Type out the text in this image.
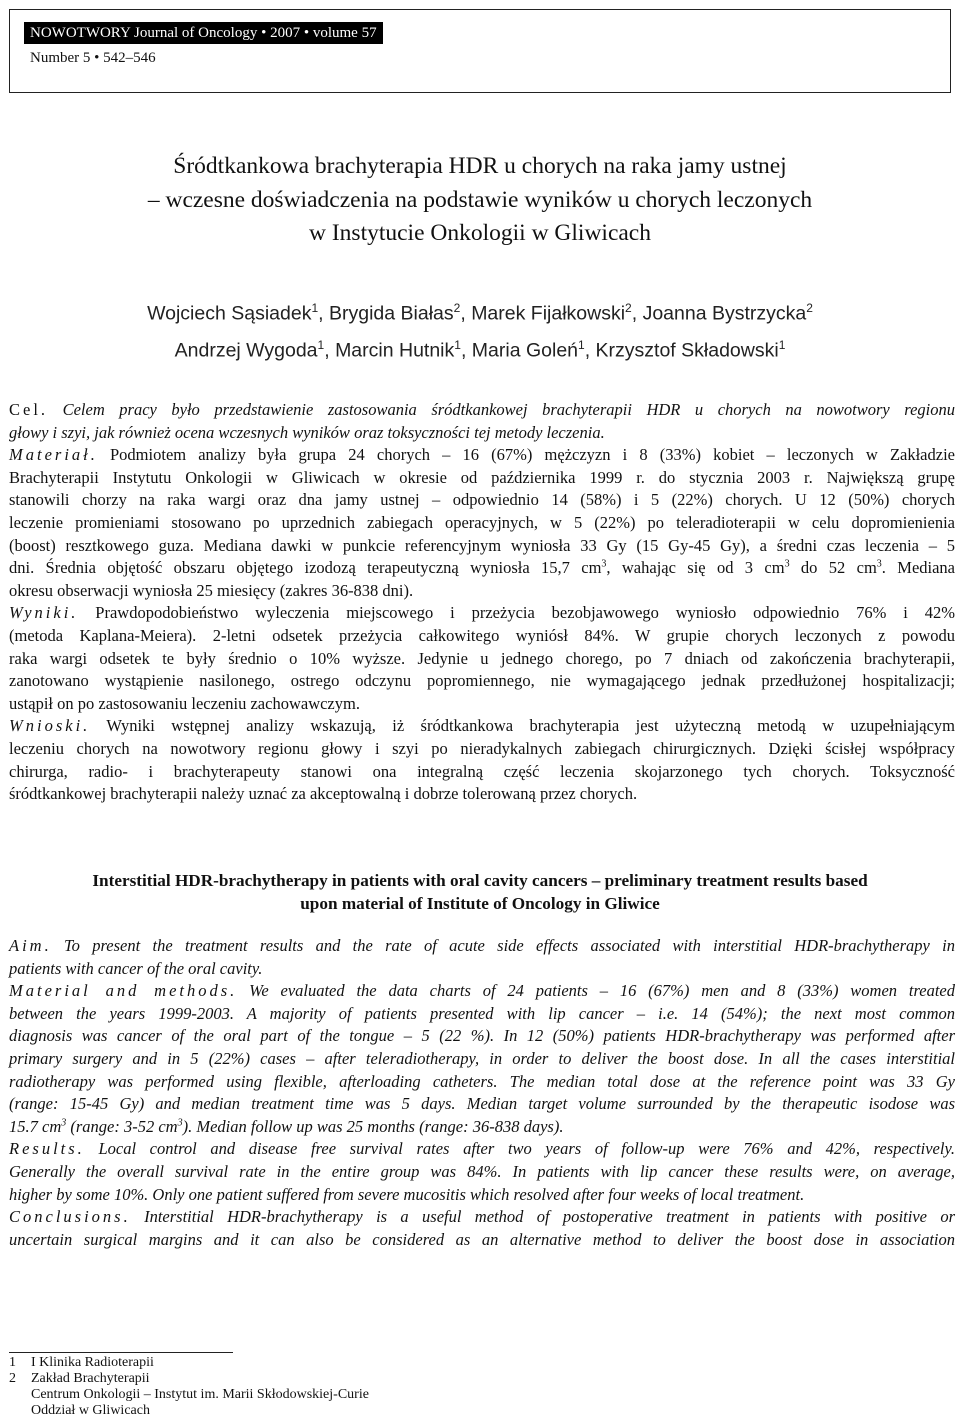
NOWOTWORY Journal of Oncology • 2007 • volume 57
Number 5 • 542–546
Śródtkankowa brachyterapia HDR u chorych na raka jamy ustnej
– wczesne doświadczenia na podstawie wyników u chorych leczonych
w Instytucie Onkologii w Gliwicach
Wojciech Sąsiadek$^1$, Brygida Białas$^2$, Marek Fijałkowski$^2$, Joanna Bystrzycka$^2$
Andrzej Wygoda$^1$, Marcin Hutnik$^1$, Maria Goleń$^1$, Krzysztof Składowski$^1$
Cel. Celem pracy było przedstawienie zastosowania śródtkankowej brachyterapii HDR u chorych na nowotwory regionu
głowy i szyi, jak również ocena wczesnych wyników oraz toksyczności tej metody leczenia.
Materiał. Podmiotem analizy była grupa 24 chorych – 16 (67%) mężczyzn i 8 (33%) kobiet – leczonych w Zakładzie
Brachyterapii Instytutu Onkologii w Gliwicach w okresie od października 1999 r. do stycznia 2003 r. Największą grupę
stanowili chorzy na raka wargi oraz dna jamy ustnej – odpowiednio 14 (58%) i 5 (22%) chorych. U 12 (50%) chorych
leczenie promieniami stosowano po uprzednich zabiegach operacyjnych, w 5 (22%) po teleradioterapii w celu dopromienienia
(boost) resztkowego guza. Mediana dawki w punkcie referencyjnym wyniosła 33 Gy (15 Gy-45 Gy), a średni czas leczenia – 5
dni. Średnia objętość obszaru objętego izodozą terapeutyczną wyniosła 15,7 $cm^3$, wahając się od 3 $cm^3$ do 52 $cm^3$. Mediana
okresu obserwacji wyniosła 25 miesięcy (zakres 36-838 dni).
Wyniki. Prawdopodobieństwo wyleczenia miejscowego i przeżycia bezobjawowego wyniosło odpowiednio 76% i 42%
(metoda Kaplana-Meiera). 2-letni odsetek przeżycia całkowitego wyniósł 84%. W grupie chorych leczonych z powodu
raka wargi odsetek te były średnio o 10% wyższe. Jedynie u jednego chorego, po 7 dniach od zakończenia brachyterapii,
zanotowano wystąpienie nasilonego, ostrego odczynu popromiennego, nie wymagającego jednak przedłużonej hospitalizacji;
ustąpił on po zastosowaniu leczeniu zachowawczym.
Wnioski. Wyniki wstępnej analizy wskazują, iż śródtkankowa brachyterapia jest użyteczną metodą w uzupełniającym
leczeniu chorych na nowotwory regionu głowy i szyi po nieradykalnych zabiegach chirurgicznych. Dzięki ścisłej współpracy
chirurga, radio- i brachyterapeuty stanowi ona integralną część leczenia skojarzonego tych chorych. Toksyczność
śródtkankowej brachyterapii należy uznać za akceptowalną i dobrze tolerowaną przez chorych.
Interstitial HDR-brachytherapy in patients with oral cavity cancers – preliminary treatment results based
upon material of Institute of Oncology in Gliwice
Aim. To present the treatment results and the rate of acute side effects associated with interstitial HDR-brachytherapy in
patients with cancer of the oral cavity.
Material and methods. We evaluated the data charts of 24 patients – 16 (67%) men and 8 (33%) women treated
between the years 1999-2003. A majority of patients presented with lip cancer – i.e. 14 (54%); the next most common
diagnosis was cancer of the oral part of the tongue – 5 (22 %). In 12 (50%) patients HDR-brachytherapy was performed after
primary surgery and in 5 (22%) cases – after teleradiotherapy, in order to deliver the boost dose. In all the cases interstitial
radiotherapy was performed using flexible, afterloading catheters. The median total dose at the reference point was 33 Gy
(range: 15-45 Gy) and median treatment time was 5 days. Median target volume surrounded by the therapeutic isodose was
15.7 $cm^3$ (range: 3-52 $cm^3$). Median follow up was 25 months (range: 36-838 days).
Results. Local control and disease free survival rates after two years of follow-up were 76% and 42%, respectively.
Generally the overall survival rate in the entire group was 84%. In patients with lip cancer these results were, on average,
higher by some 10%. Only one patient suffered from severe mucositis which resolved after four weeks of local treatment.
Conclusions. Interstitial HDR-brachytherapy is a useful method of postoperative treatment in patients with positive or
uncertain surgical margins and it can also be considered as an alternative method to deliver the boost dose in association
1	I Klinika Radioterapii
2	Zakład Brachyterapii
Centrum Onkologii – Instytut im. Marii Skłodowskiej-Curie
Oddział w Gliwicach
